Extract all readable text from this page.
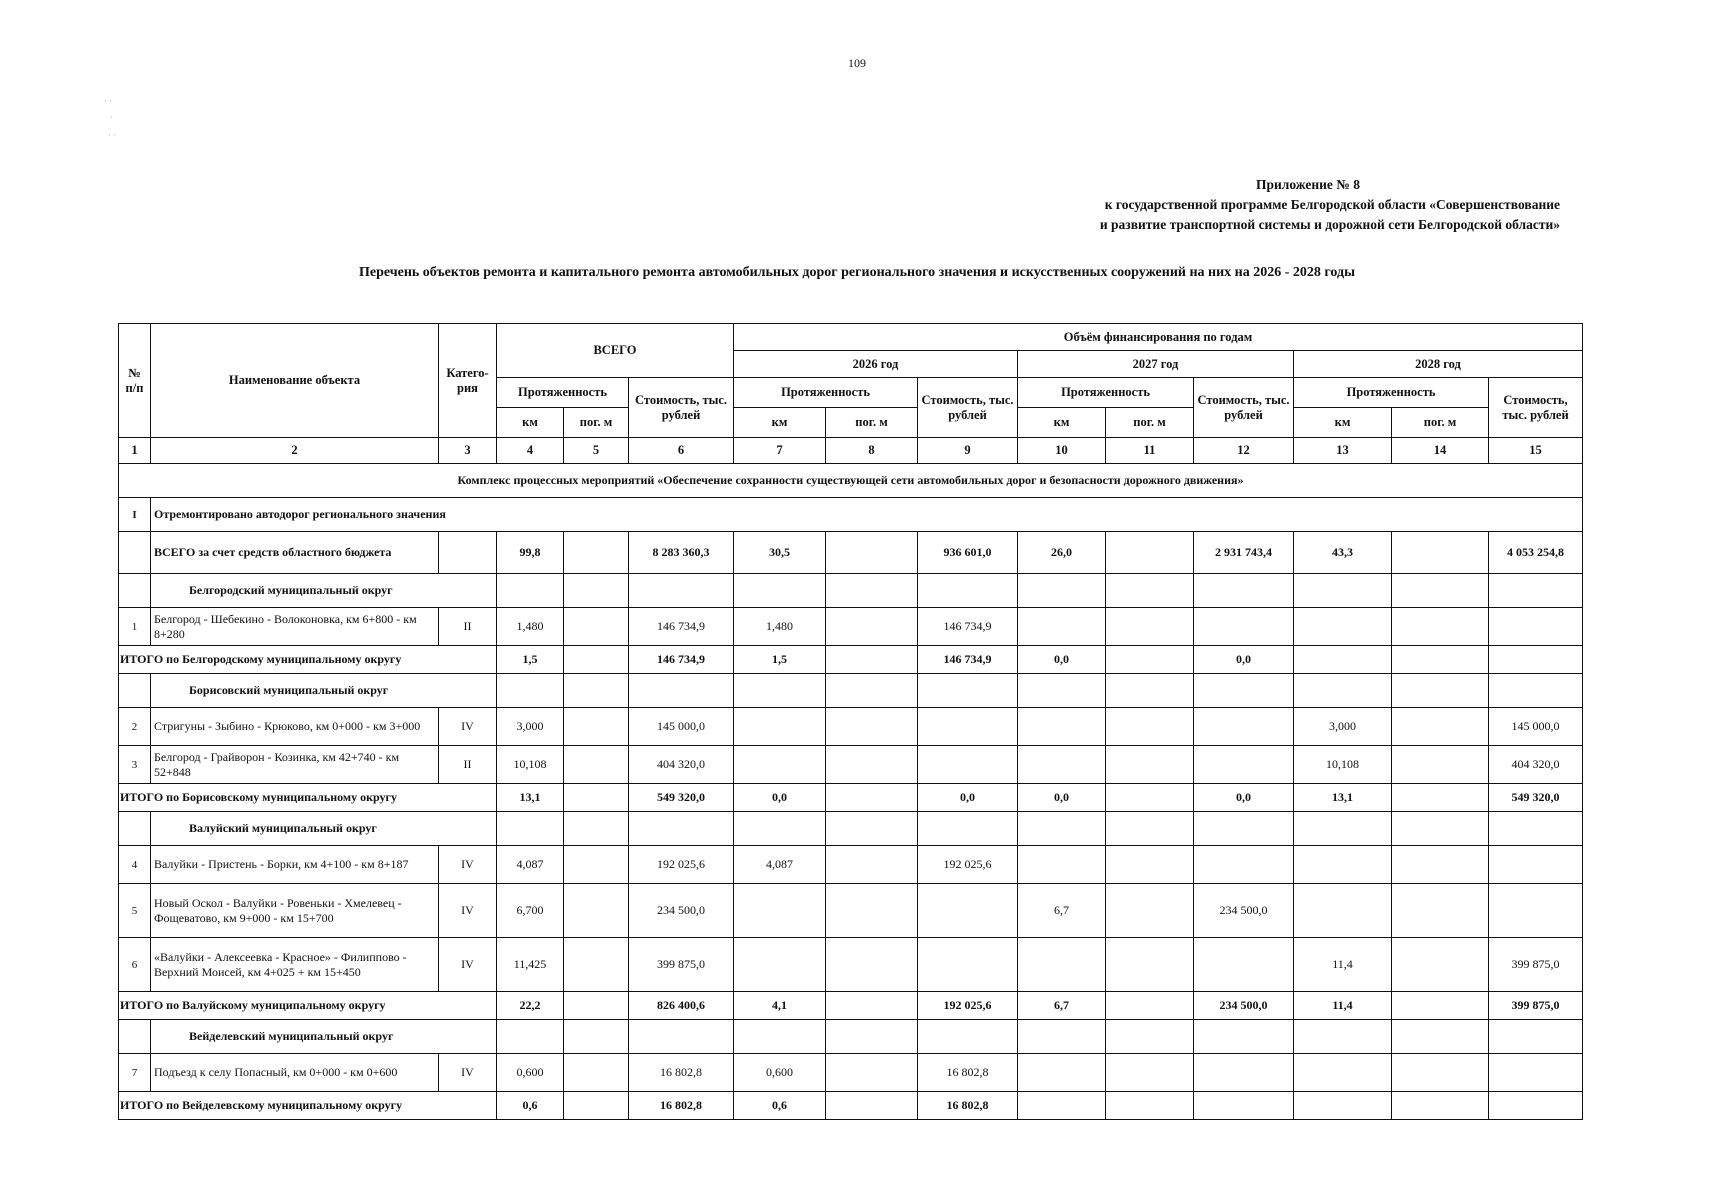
109
· ·
·
· ·
Приложение № 8
к государственной программе Белгородской области «Совершенствование
и развитие транспортной системы и дорожной сети Белгородской области»
Перечень объектов ремонта и капитального ремонта автомобильных дорог регионального значения и искусственных сооружений на них на 2026 - 2028 годы
№ п/п	Наименование объекта	Катего-рия	ВСЕГО			Объём финансирования по годам								
						2026 год			2027 год			2028 год		
			Протяженность		Стоимость, тыс. рублей	Протяженность		Стоимость, тыс. рублей	Протяженность		Стоимость, тыс. рублей	Протяженность		Стоимость, тыс. рублей
			км	пог. м		км	пог. м		км	пог. м		км	пог. м	
1	2	3	4	5	6	7	8	9	10	11	12	13	14	15
Комплекс процессных мероприятий «Обеспечение сохранности существующей сети автомобильных дорог и безопасности дорожного движения»														
I	Отремонтировано автодорог регионального значения													
	ВСЕГО за счет средств областного бюджета		99,8		8 283 360,3	30,5		936 601,0	26,0		2 931 743,4	43,3		4 053 254,8
	Белгородский муниципальный округ													
1	Белгород - Шебекино - Волоконовка, км 6+800 - км 8+280	II	1,480		146 734,9	1,480		146 734,9						
ИТОГО по Белгородскому муниципальному округу			1,5		146 734,9	1,5		146 734,9	0,0		0,0			
	Борисовский муниципальный округ													
2	Стригуны - Зыбино - Крюково, км 0+000 - км 3+000	IV	3,000		145 000,0							3,000		145 000,0
3	Белгород - Грайворон - Козинка, км 42+740 - км 52+848	II	10,108		404 320,0							10,108		404 320,0
ИТОГО по Борисовскому муниципальному округу			13,1		549 320,0	0,0		0,0	0,0		0,0	13,1		549 320,0
	Валуйский муниципальный округ													
4	Валуйки - Пристень - Борки, км 4+100 - км 8+187	IV	4,087		192 025,6	4,087		192 025,6						
5	Новый Оскол - Валуйки - Ровеньки - Хмелевец - Фощеватово, км 9+000 - км 15+700	IV	6,700		234 500,0				6,7		234 500,0			
6	«Валуйки - Алексеевка - Красное» - Филиппово - Верхний Моисей, км 4+025 + км 15+450	IV	11,425		399 875,0							11,4		399 875,0
ИТОГО по Валуйскому муниципальному округу			22,2		826 400,6	4,1		192 025,6	6,7		234 500,0	11,4		399 875,0
	Вейделевский муниципальный округ													
7	Подъезд к селу Попасный, км 0+000 - км 0+600	IV	0,600		16 802,8	0,600		16 802,8						
ИТОГО по Вейделевскому муниципальному округу			0,6		16 802,8	0,6		16 802,8						
